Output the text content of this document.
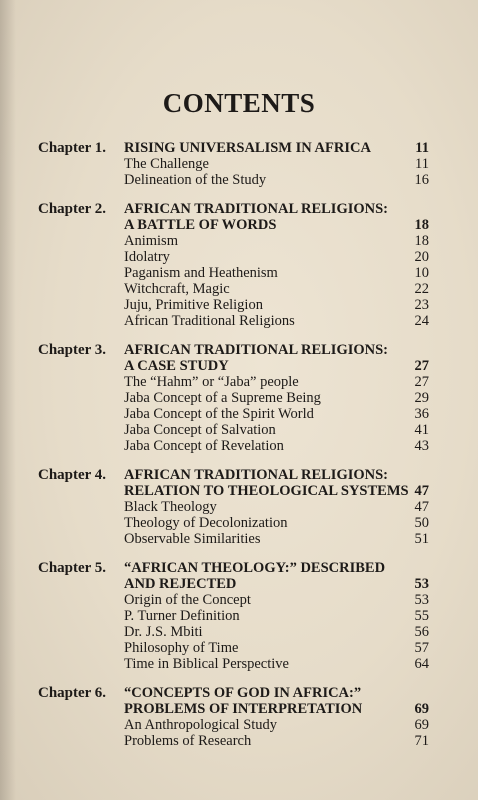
CONTENTS
Chapter 1. RISING UNIVERSALISM IN AFRICA	11
The Challenge	11
Delineation of the Study	16
Chapter 2. AFRICAN TRADITIONAL RELIGIONS:
A BATTLE OF WORDS	18
Animism	18
Idolatry	20
Paganism and Heathenism	10
Witchcraft, Magic	22
Juju, Primitive Religion	23
African Traditional Religions	24
Chapter 3. AFRICAN TRADITIONAL RELIGIONS:
A CASE STUDY	27
The “Hahm” or “Jaba” people	27
Jaba Concept of a Supreme Being	29
Jaba Concept of the Spirit World	36
Jaba Concept of Salvation	41
Jaba Concept of Revelation	43
Chapter 4. AFRICAN TRADITIONAL RELIGIONS:
RELATION TO THEOLOGICAL SYSTEMS 47
Black Theology	47
Theology of Decolonization	50
Observable Similarities	51
Chapter 5. “AFRICAN THEOLOGY:” DESCRIBED
AND REJECTED	53
Origin of the Concept	53
P. Turner Definition	55
Dr. J.S. Mbiti	56
Philosophy of Time	57
Time in Biblical Perspective	64
Chapter 6. “CONCEPTS OF GOD IN AFRICA:”
PROBLEMS OF INTERPRETATION	69
An Anthropological Study	69
Problems of Research	71
